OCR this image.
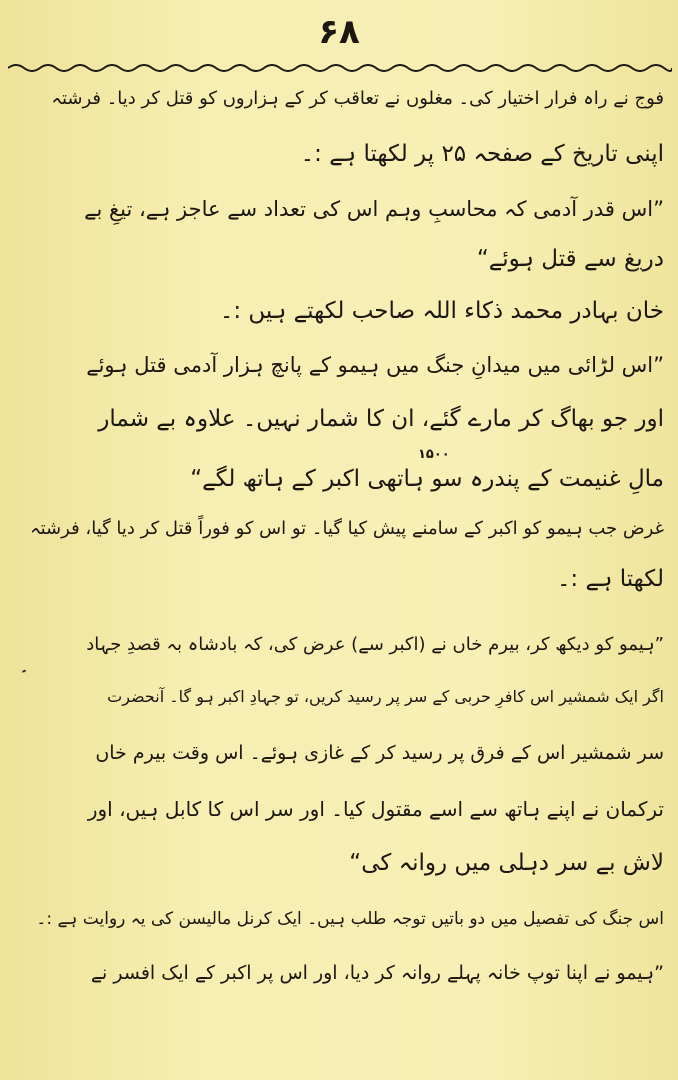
۶۸
فوج نے راہ فرار اختیار کی۔ مغلوں نے تعاقب کر کے ہزاروں کو قتل کر دیا۔ فرشتہ
اپنی تاریخ کے صفحہ ۲۵ پر لکھتا ہے :۔
”اس قدر آدمی کہ محاسبِ وہم اس کی تعداد سے عاجز ہے، تیغِ بے
دریغ سے قتل ہوئے“
خان بہادر محمد ذکاء اللہ صاحب لکھتے ہیں :۔
”اس لڑائی میں میدانِ جنگ میں ہیمو کے پانچ ہزار آدمی قتل ہوئے
اور جو بھاگ کر مارے گئے، ان کا شمار نہیں۔ علاوہ بے شمار
۱۵۰۰
مالِ غنیمت کے پندرہ سو ہاتھی اکبر کے ہاتھ لگے“
غرض جب ہیمو کو اکبر کے سامنے پیش کیا گیا۔ تو اس کو فوراً قتل کر دیا گیا، فرشتہ
لکھتا ہے :۔
”ہیمو کو دیکھ کر، بیرم خاں نے (اکبر سے) عرض کی، کہ بادشاہ بہ قصدِ جہاد
اگر ایک شمشیر اس کافرِ حربی کے سر پر رسید کریں، تو جہادِ اکبر ہو گا۔ آنحضرت
سر شمشیر اس کے فرق پر رسید کر کے غازی ہوئے۔ اس وقت بیرم خاں
ترکمان نے اپنے ہاتھ سے اسے مقتول کیا۔ اور سر اس کا کابل ہیں، اور
لاش بے سر دہلی میں روانہ کی“
اس جنگ کی تفصیل میں دو باتیں توجہ طلب ہیں۔ ایک کرنل مالیسن کی یہ روایت ہے :۔
”ہیمو نے اپنا توپ خانہ پہلے روانہ کر دیا، اور اس پر اکبر کے ایک افسر نے
